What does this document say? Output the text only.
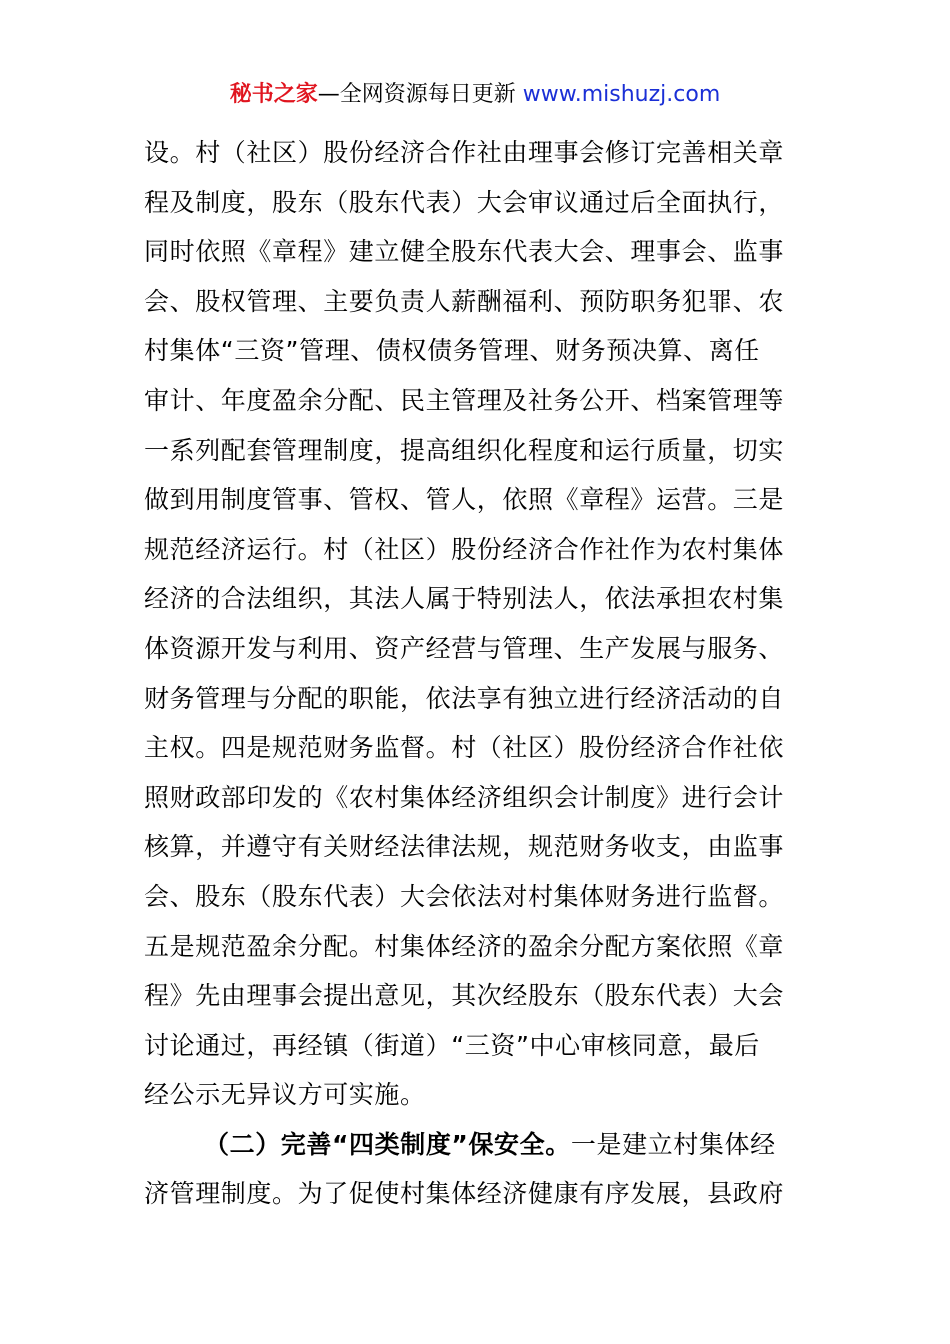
秘书之家—全网资源每日更新 www.mishuzj.com
设。村（社区）股份经济合作社由理事会修订完善相关章
程及制度，股东（股东代表）大会审议通过后全面执行，
同时依照《章程》建立健全股东代表大会、理事会、监事
会、股权管理、主要负责人薪酬福利、预防职务犯罪、农
村集体“三资”管理、债权债务管理、财务预决算、离任
审计、年度盈余分配、民主管理及社务公开、档案管理等
一系列配套管理制度，提高组织化程度和运行质量，切实
做到用制度管事、管权、管人，依照《章程》运营。三是
规范经济运行。村（社区）股份经济合作社作为农村集体
经济的合法组织，其法人属于特别法人，依法承担农村集
体资源开发与利用、资产经营与管理、生产发展与服务、
财务管理与分配的职能，依法享有独立进行经济活动的自
主权。四是规范财务监督。村（社区）股份经济合作社依
照财政部印发的《农村集体经济组织会计制度》进行会计
核算，并遵守有关财经法律法规，规范财务收支，由监事
会、股东（股东代表）大会依法对村集体财务进行监督。
五是规范盈余分配。村集体经济的盈余分配方案依照《章
程》先由理事会提出意见，其次经股东（股东代表）大会
讨论通过，再经镇（街道）“三资”中心审核同意，最后
经公示无异议方可实施。
（二）完善“四类制度”保安全。一是建立村集体经
济管理制度。为了促使村集体经济健康有序发展，县政府
